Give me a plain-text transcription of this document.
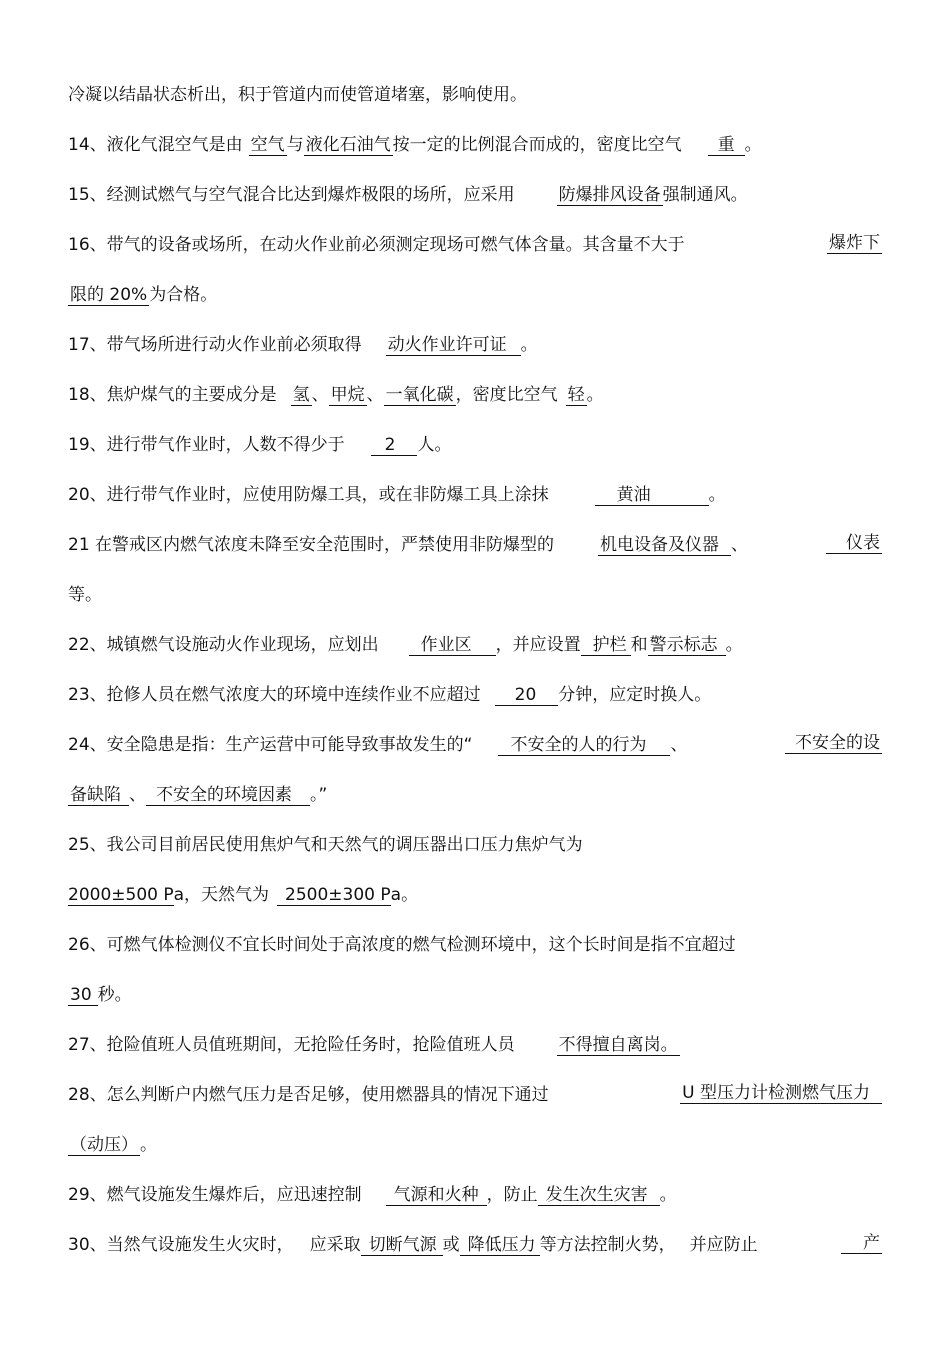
冷凝以结晶状态析出，积于管道内而使管道堵塞，影响使用。
14、液化气混空气是由 空气 与 液化石油气 按一定的比例混合而成的，密度比空气 重 。
15、经测试燃气与空气混合比达到爆炸极限的场所，应采用	防爆排风设备 强制通风。
16、带气的设备或场所，在动火作业前必须测定现场可燃气体含量。其含量不大于	爆炸下
限的 20% 为合格。
17、带气场所进行动火作业前必须取得 动火作业许可证 。
18、焦炉煤气的主要成分是 氢 、 甲烷 、 一氧化碳 ，密度比空气 轻 。
19、进行带气作业时，人数不得少于 2 人。
20、进行带气作业时，应使用防爆工具，或在非防爆工具上涂抹	黄油	。
21 在警戒区内燃气浓度未降至安全范围时，严禁使用非防爆型的	机电设备及仪器 、	仪表
等。
22、城镇燃气设施动火作业现场，应划出 作业区 ，并应设置 护栏 和 警示标志 。
23、抢修人员在燃气浓度大的环境中连续作业不应超过 20 分钟，应定时换人。
24、安全隐患是指：生产运营中可能导致事故发生的“ 不安全的人的行为 、	不安全的设
备缺陷 、 不安全的环境因素 。”
25、我公司目前居民使用焦炉气和天然气的调压器出口压力焦炉气为
2000±500 Pa，天然气为 2500±300 Pa。
26、可燃气体检测仪不宜长时间处于高浓度的燃气检测环境中，这个长时间是指不宜超过
30 秒。
27、抢险值班人员值班期间，无抢险任务时，抢险值班人员	不得擅自离岗。
28、怎么判断户内燃气压力是否足够，使用燃器具的情况下通过	U 型压力计检测燃气压力
（动压） 。
29、燃气设施发生爆炸后，应迅速控制 气源和火种 ，防止 发生次生灾害 。
30、当然气设施发生火灾时， 应采取 切断气源 或 降低压力 等方法控制火势， 并应防止	产
